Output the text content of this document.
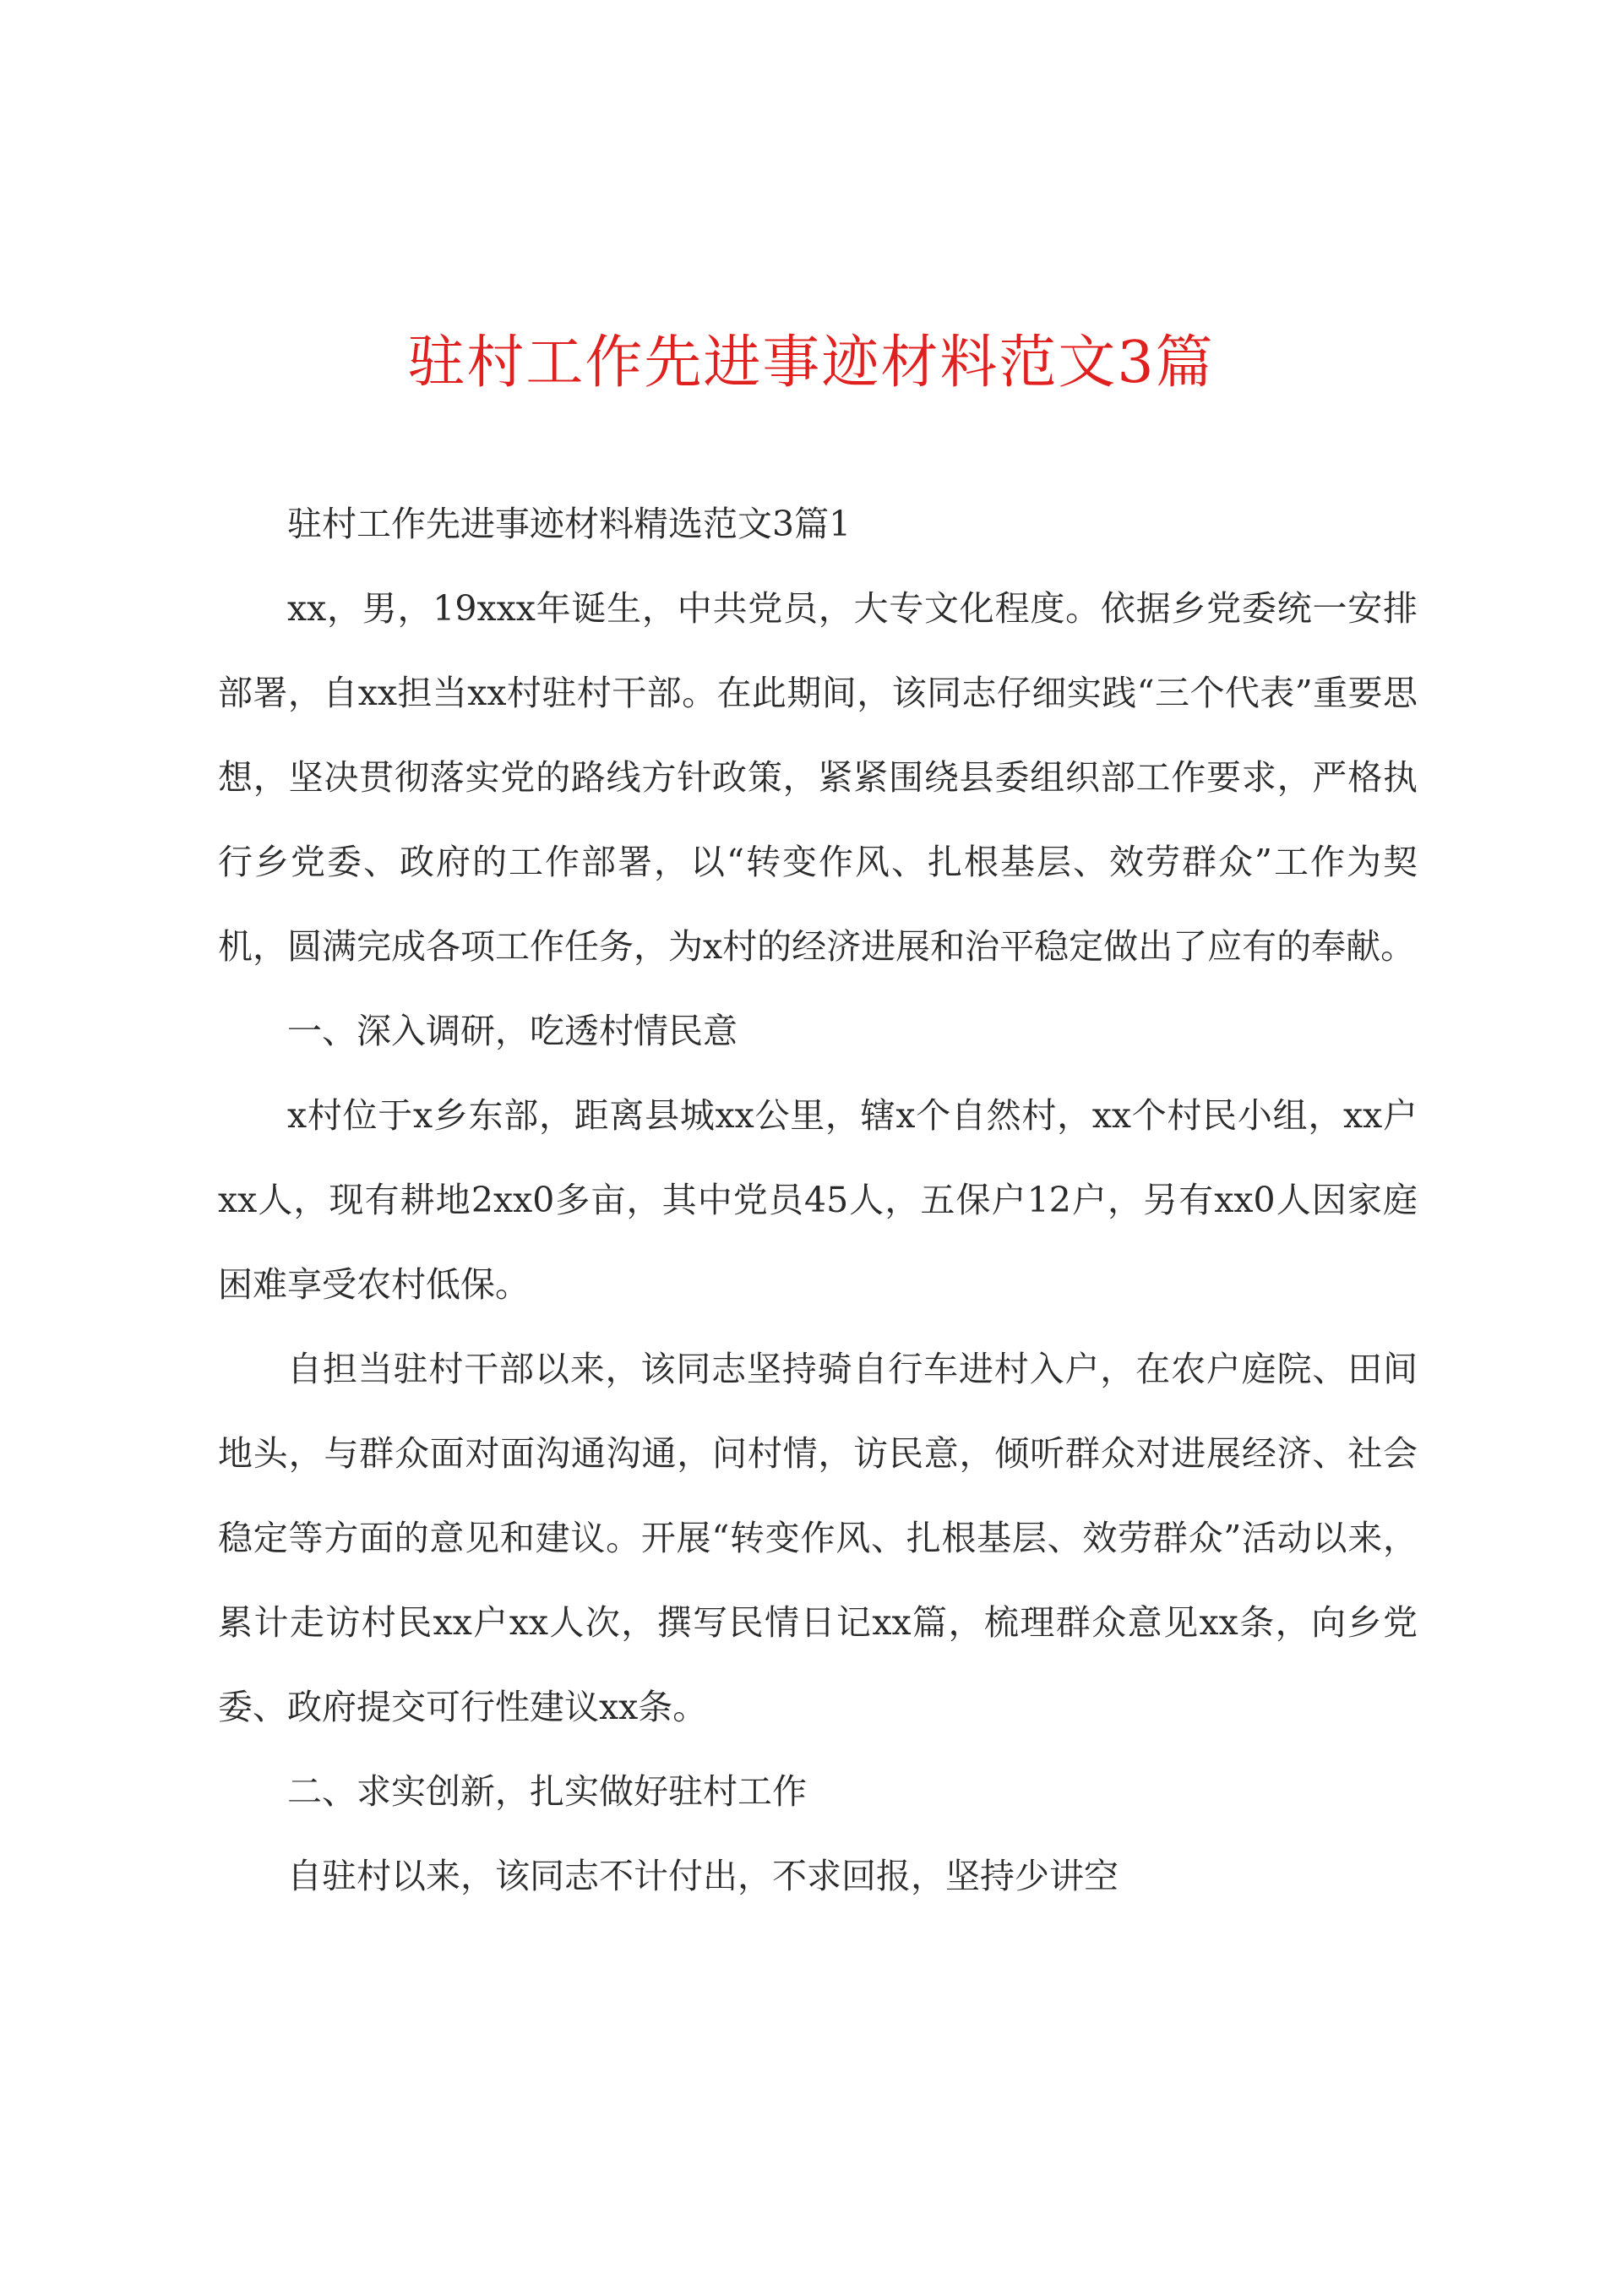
驻村工作先进事迹材料范文3篇

驻村工作先进事迹材料精选范文3篇1

xx，男，19xxx年诞生，中共党员，大专文化程度。依据乡党委统一安排部署，自xx担当xx村驻村干部。在此期间，该同志仔细实践“三个代表”重要思想，坚决贯彻落实党的路线方针政策，紧紧围绕县委组织部工作要求，严格执行乡党委、政府的工作部署，以“转变作风、扎根基层、效劳群众”工作为契机，圆满完成各项工作任务，为x村的经济进展和治平稳定做出了应有的奉献。

一、深入调研，吃透村情民意

x村位于x乡东部，距离县城xx公里，辖x个自然村，xx个村民小组，xx户xx人，现有耕地2xx0多亩，其中党员45人，五保户12户，另有xx0人因家庭困难享受农村低保。

自担当驻村干部以来，该同志坚持骑自行车进村入户，在农户庭院、田间地头，与群众面对面沟通沟通，问村情，访民意，倾听群众对进展经济、社会稳定等方面的意见和建议。开展“转变作风、扎根基层、效劳群众”活动以来，累计走访村民xx户xx人次，撰写民情日记xx篇，梳理群众意见xx条，向乡党委、政府提交可行性建议xx条。

二、求实创新，扎实做好驻村工作

自驻村以来，该同志不计付出，不求回报，坚持少讲空
